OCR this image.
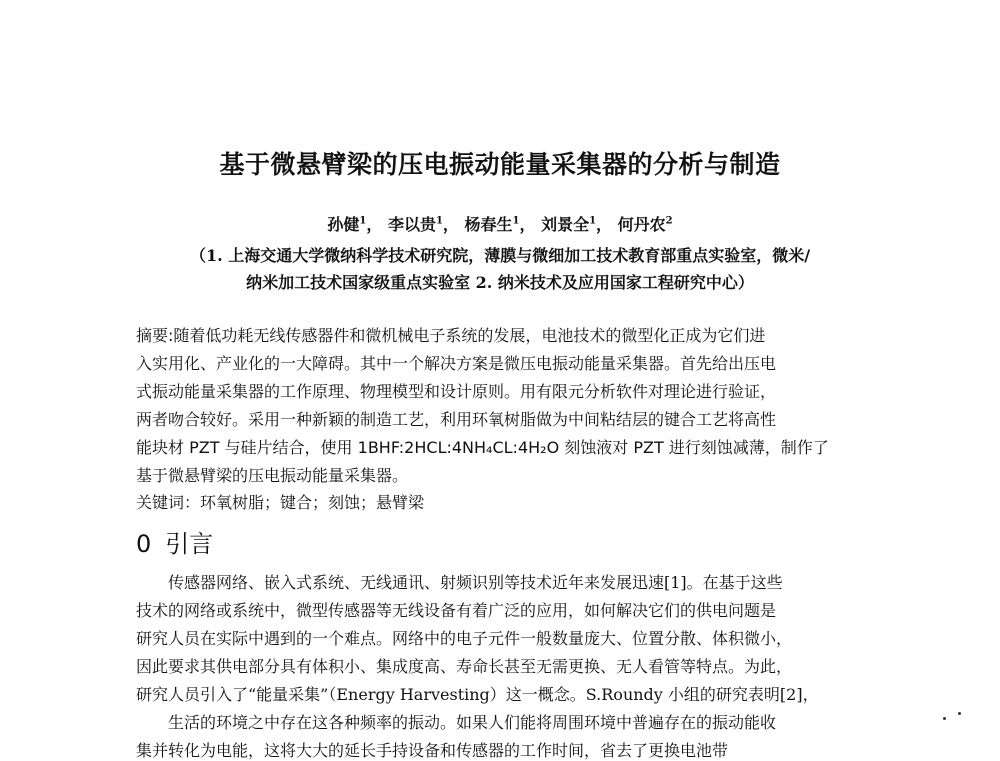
基于微悬臂梁的压电振动能量采集器的分析与制造
孙健$^1$， 李以贵$^1$， 杨春生$^1$， 刘景全$^1$， 何丹农$^2$
（1. 上海交通大学微纳科学技术研究院，薄膜与微细加工技术教育部重点实验室，微米/
纳米加工技术国家级重点实验室 2. 纳米技术及应用国家工程研究中心）
摘要:随着低功耗无线传感器件和微机械电子系统的发展，电池技术的微型化正成为它们进
入实用化、产业化的一大障碍。其中一个解决方案是微压电振动能量采集器。首先给出压电
式振动能量采集器的工作原理、物理模型和设计原则。用有限元分析软件对理论进行验证，
两者吻合较好。采用一种新颖的制造工艺，利用环氧树脂做为中间粘结层的键合工艺将高性
能块材 PZT 与硅片结合，使用 1BHF:2HCL:4NH₄CL:4H₂O 刻蚀液对 PZT 进行刻蚀减薄，制作了
基于微悬臂梁的压电振动能量采集器。
关键词：环氧树脂；键合；刻蚀；悬臂梁
0 引言
传感器网络、嵌入式系统、无线通讯、射频识别等技术近年来发展迅速[1]。在基于这些
技术的网络或系统中，微型传感器等无线设备有着广泛的应用，如何解决它们的供电问题是
研究人员在实际中遇到的一个难点。网络中的电子元件一般数量庞大、位置分散、体积微小，
因此要求其供电部分具有体积小、集成度高、寿命长甚至无需更换、无人看管等特点。为此，
研究人员引入了“能量采集”（Energy Harvesting）这一概念。S.Roundy 小组的研究表明[2]，
生活的环境之中存在这各种频率的振动。如果人们能将周围环境中普遍存在的振动能收
集并转化为电能，这将大大的延长手持设备和传感器的工作时间，省去了更换电池带
